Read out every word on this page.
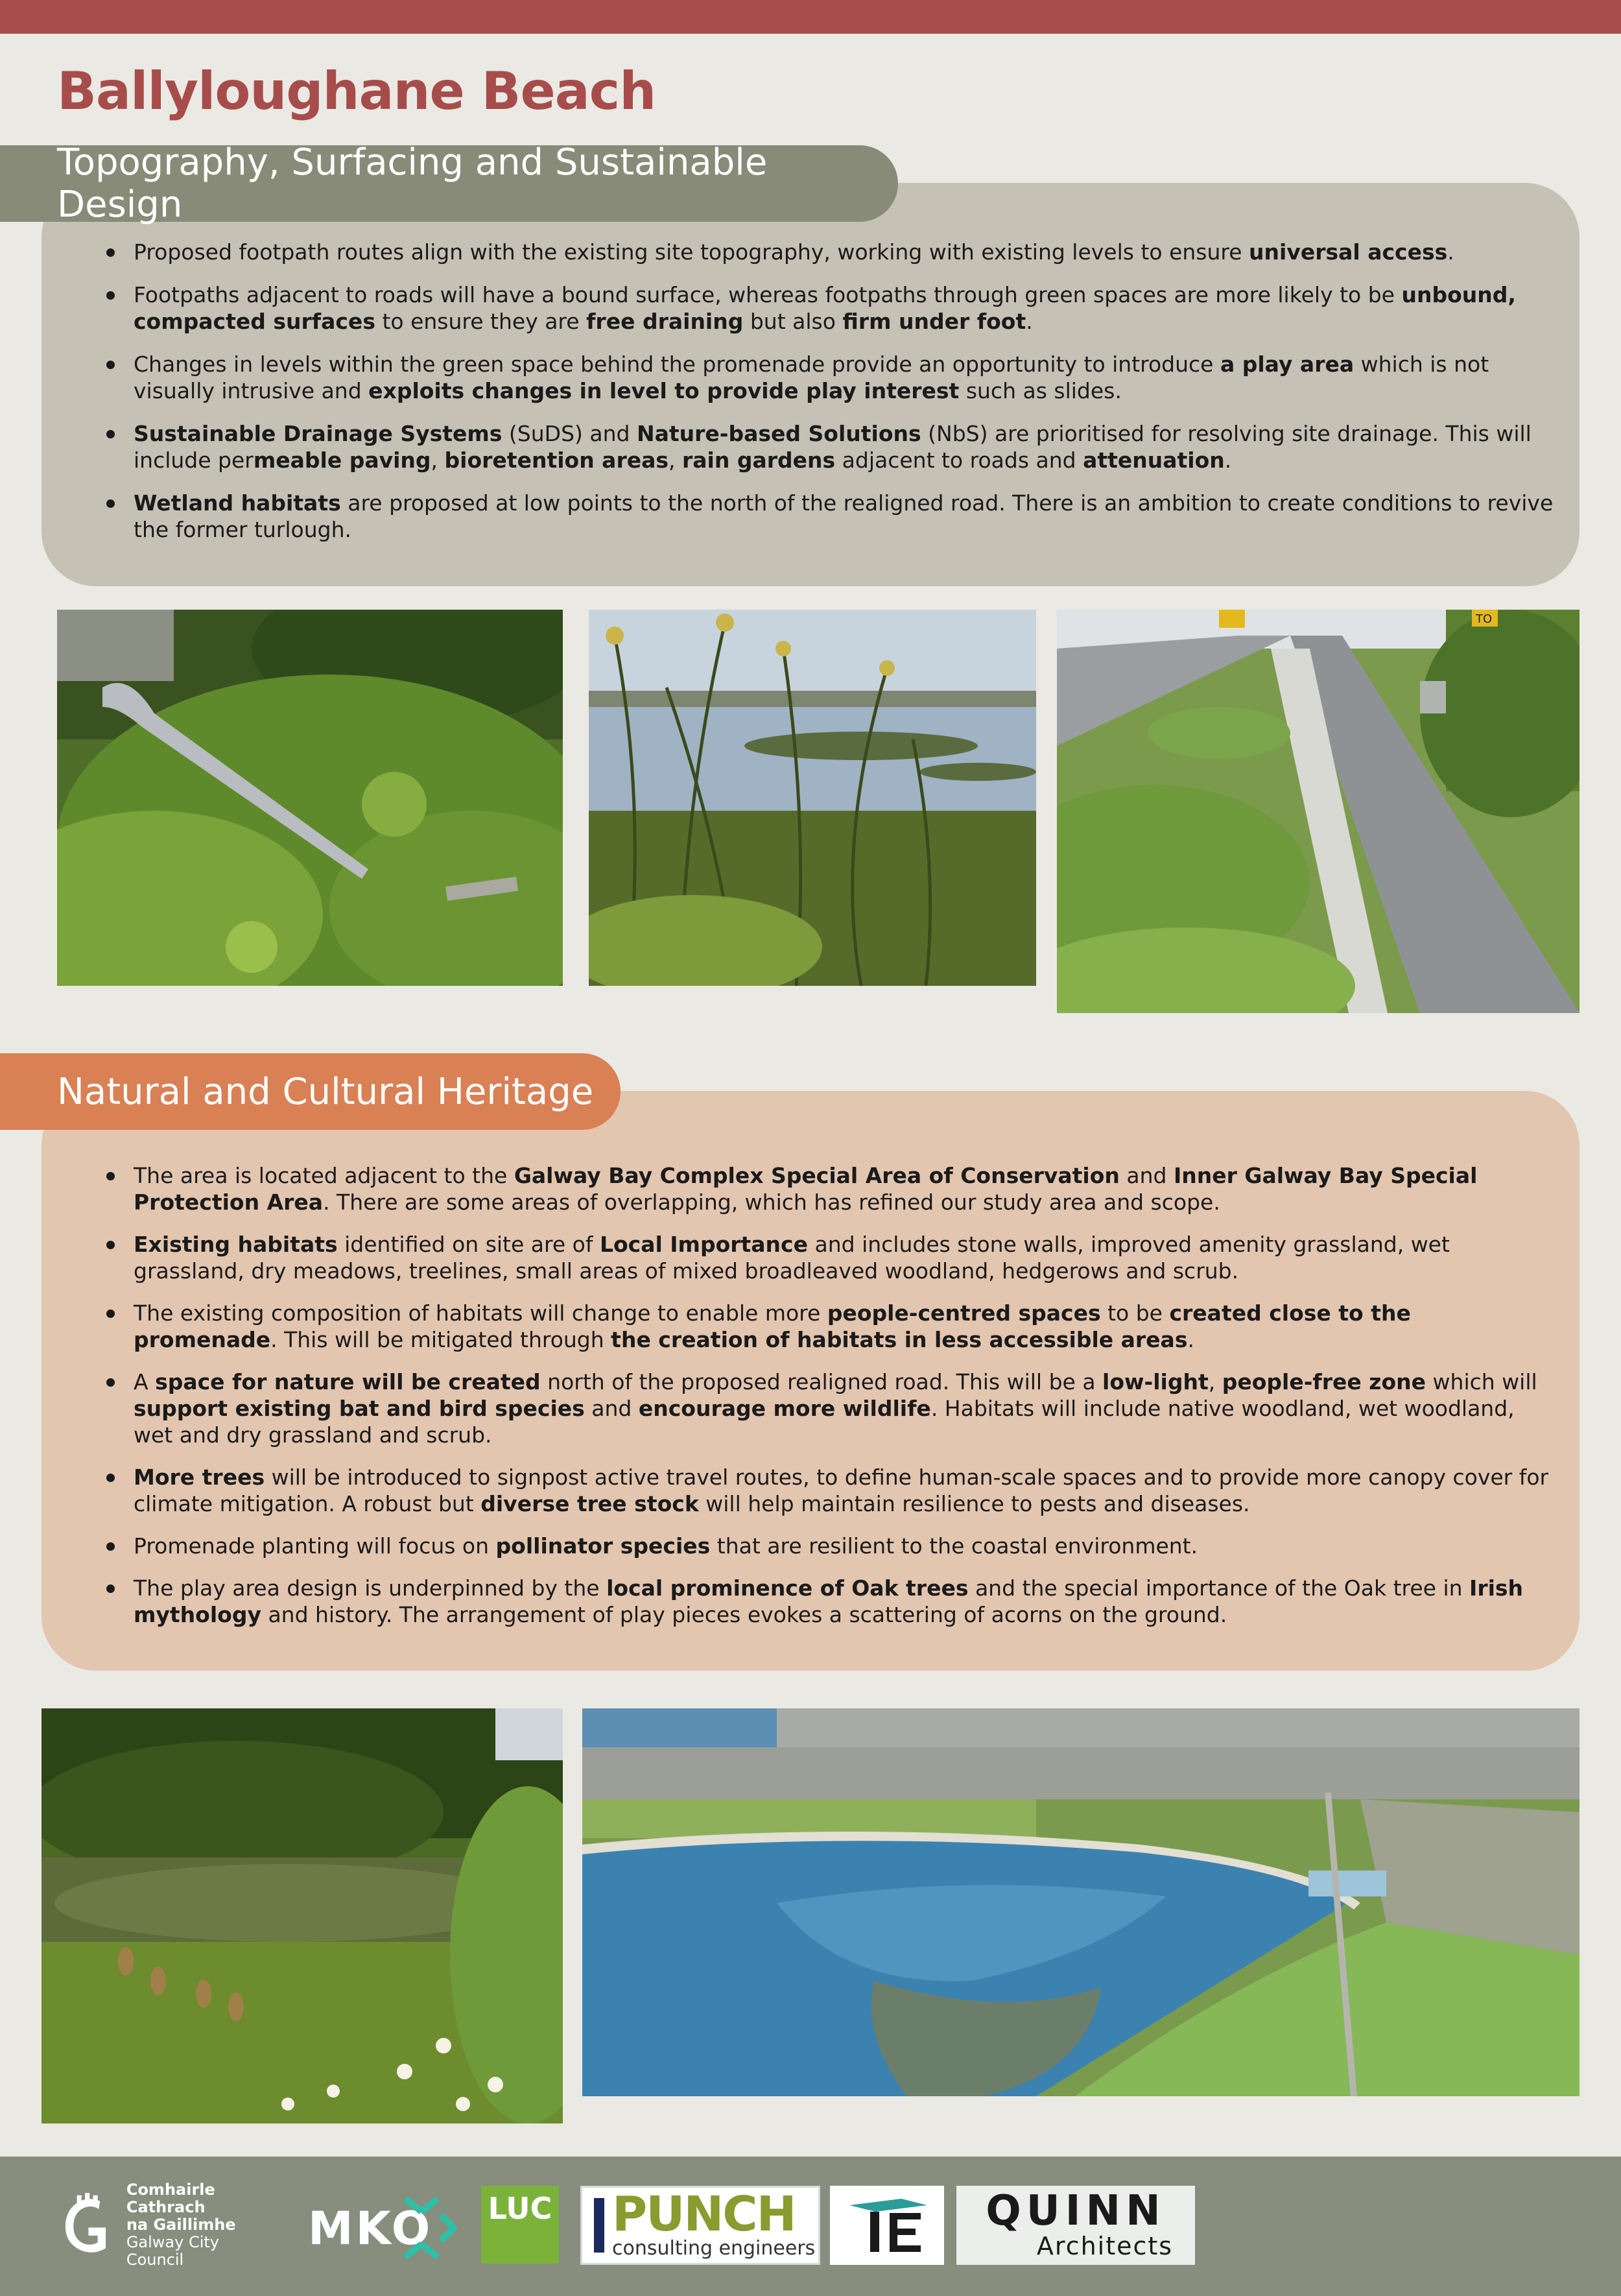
Ballyloughane Beach
Topography, Surfacing and Sustainable Design
Proposed footpath routes align with the existing site topography, working with existing levels to ensure universal access.
Footpaths adjacent to roads will have a bound surface, whereas footpaths through green spaces are more likely to be unbound, compacted surfaces to ensure they are free draining but also firm under foot.
Changes in levels within the green space behind the promenade provide an opportunity to introduce a play area which is not visually intrusive and exploits changes in level to provide play interest such as slides.
Sustainable Drainage Systems (SuDS) and Nature-based Solutions (NbS) are prioritised for resolving site drainage. This will include permeable paving, bioretention areas, rain gardens adjacent to roads and attenuation.
Wetland habitats are proposed at low points to the north of the realigned road. There is an ambition to create conditions to revive the former turlough.
TO
Natural and Cultural Heritage
The area is located adjacent to the Galway Bay Complex Special Area of Conservation and Inner Galway Bay Special Protection Area. There are some areas of overlapping, which has refined our study area and scope.
Existing habitats identified on site are of Local Importance and includes stone walls, improved amenity grassland, wet grassland, dry meadows, treelines, small areas of mixed broadleaved woodland, hedgerows and scrub.
The existing composition of habitats will change to enable more people-centred spaces to be created close to the promenade. This will be mitigated through the creation of habitats in less accessible areas.
A space for nature will be created north of the proposed realigned road. This will be a low-light, people-free zone which will support existing bat and bird species and encourage more wildlife. Habitats will include native woodland, wet woodland, wet and dry grassland and scrub.
More trees will be introduced to signpost active travel routes, to define human-scale spaces and to provide more canopy cover for climate mitigation. A robust but diverse tree stock will help maintain resilience to pests and diseases.
Promenade planting will focus on pollinator species that are resilient to the coastal environment.
The play area design is underpinned by the local prominence of Oak trees and the special importance of the Oak tree in Irish mythology and history. The arrangement of play pieces evokes a scattering of acorns on the ground.
Comhairle Cathrach
na Gaillimhe
Galway City Council
MKO LUC PUNCH
consulting engineers
TE
QUINN
Architects
